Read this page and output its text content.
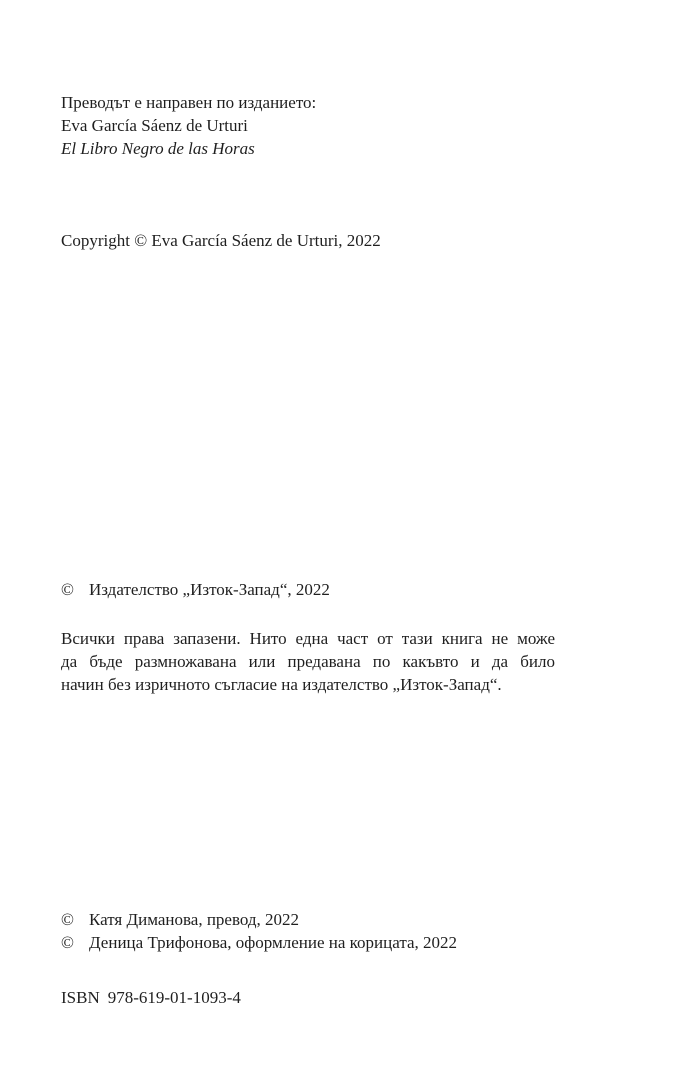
Преводът е направен по изданието:
Eva García Sáenz de Urturi
El Libro Negro de las Horas
Copyright © Eva García Sáenz de Urturi, 2022
© Издателство „Изток-Запад“, 2022
Всички права запазени. Нито една част от тази книга не може
да бъде размножавана или предавана по какъвто и да било
начин без изричното съгласие на издателство „Изток-Запад“.
© Катя Диманова, превод, 2022
© Деница Трифонова, оформление на корицата, 2022
ISBN 978-619-01-1093-4
